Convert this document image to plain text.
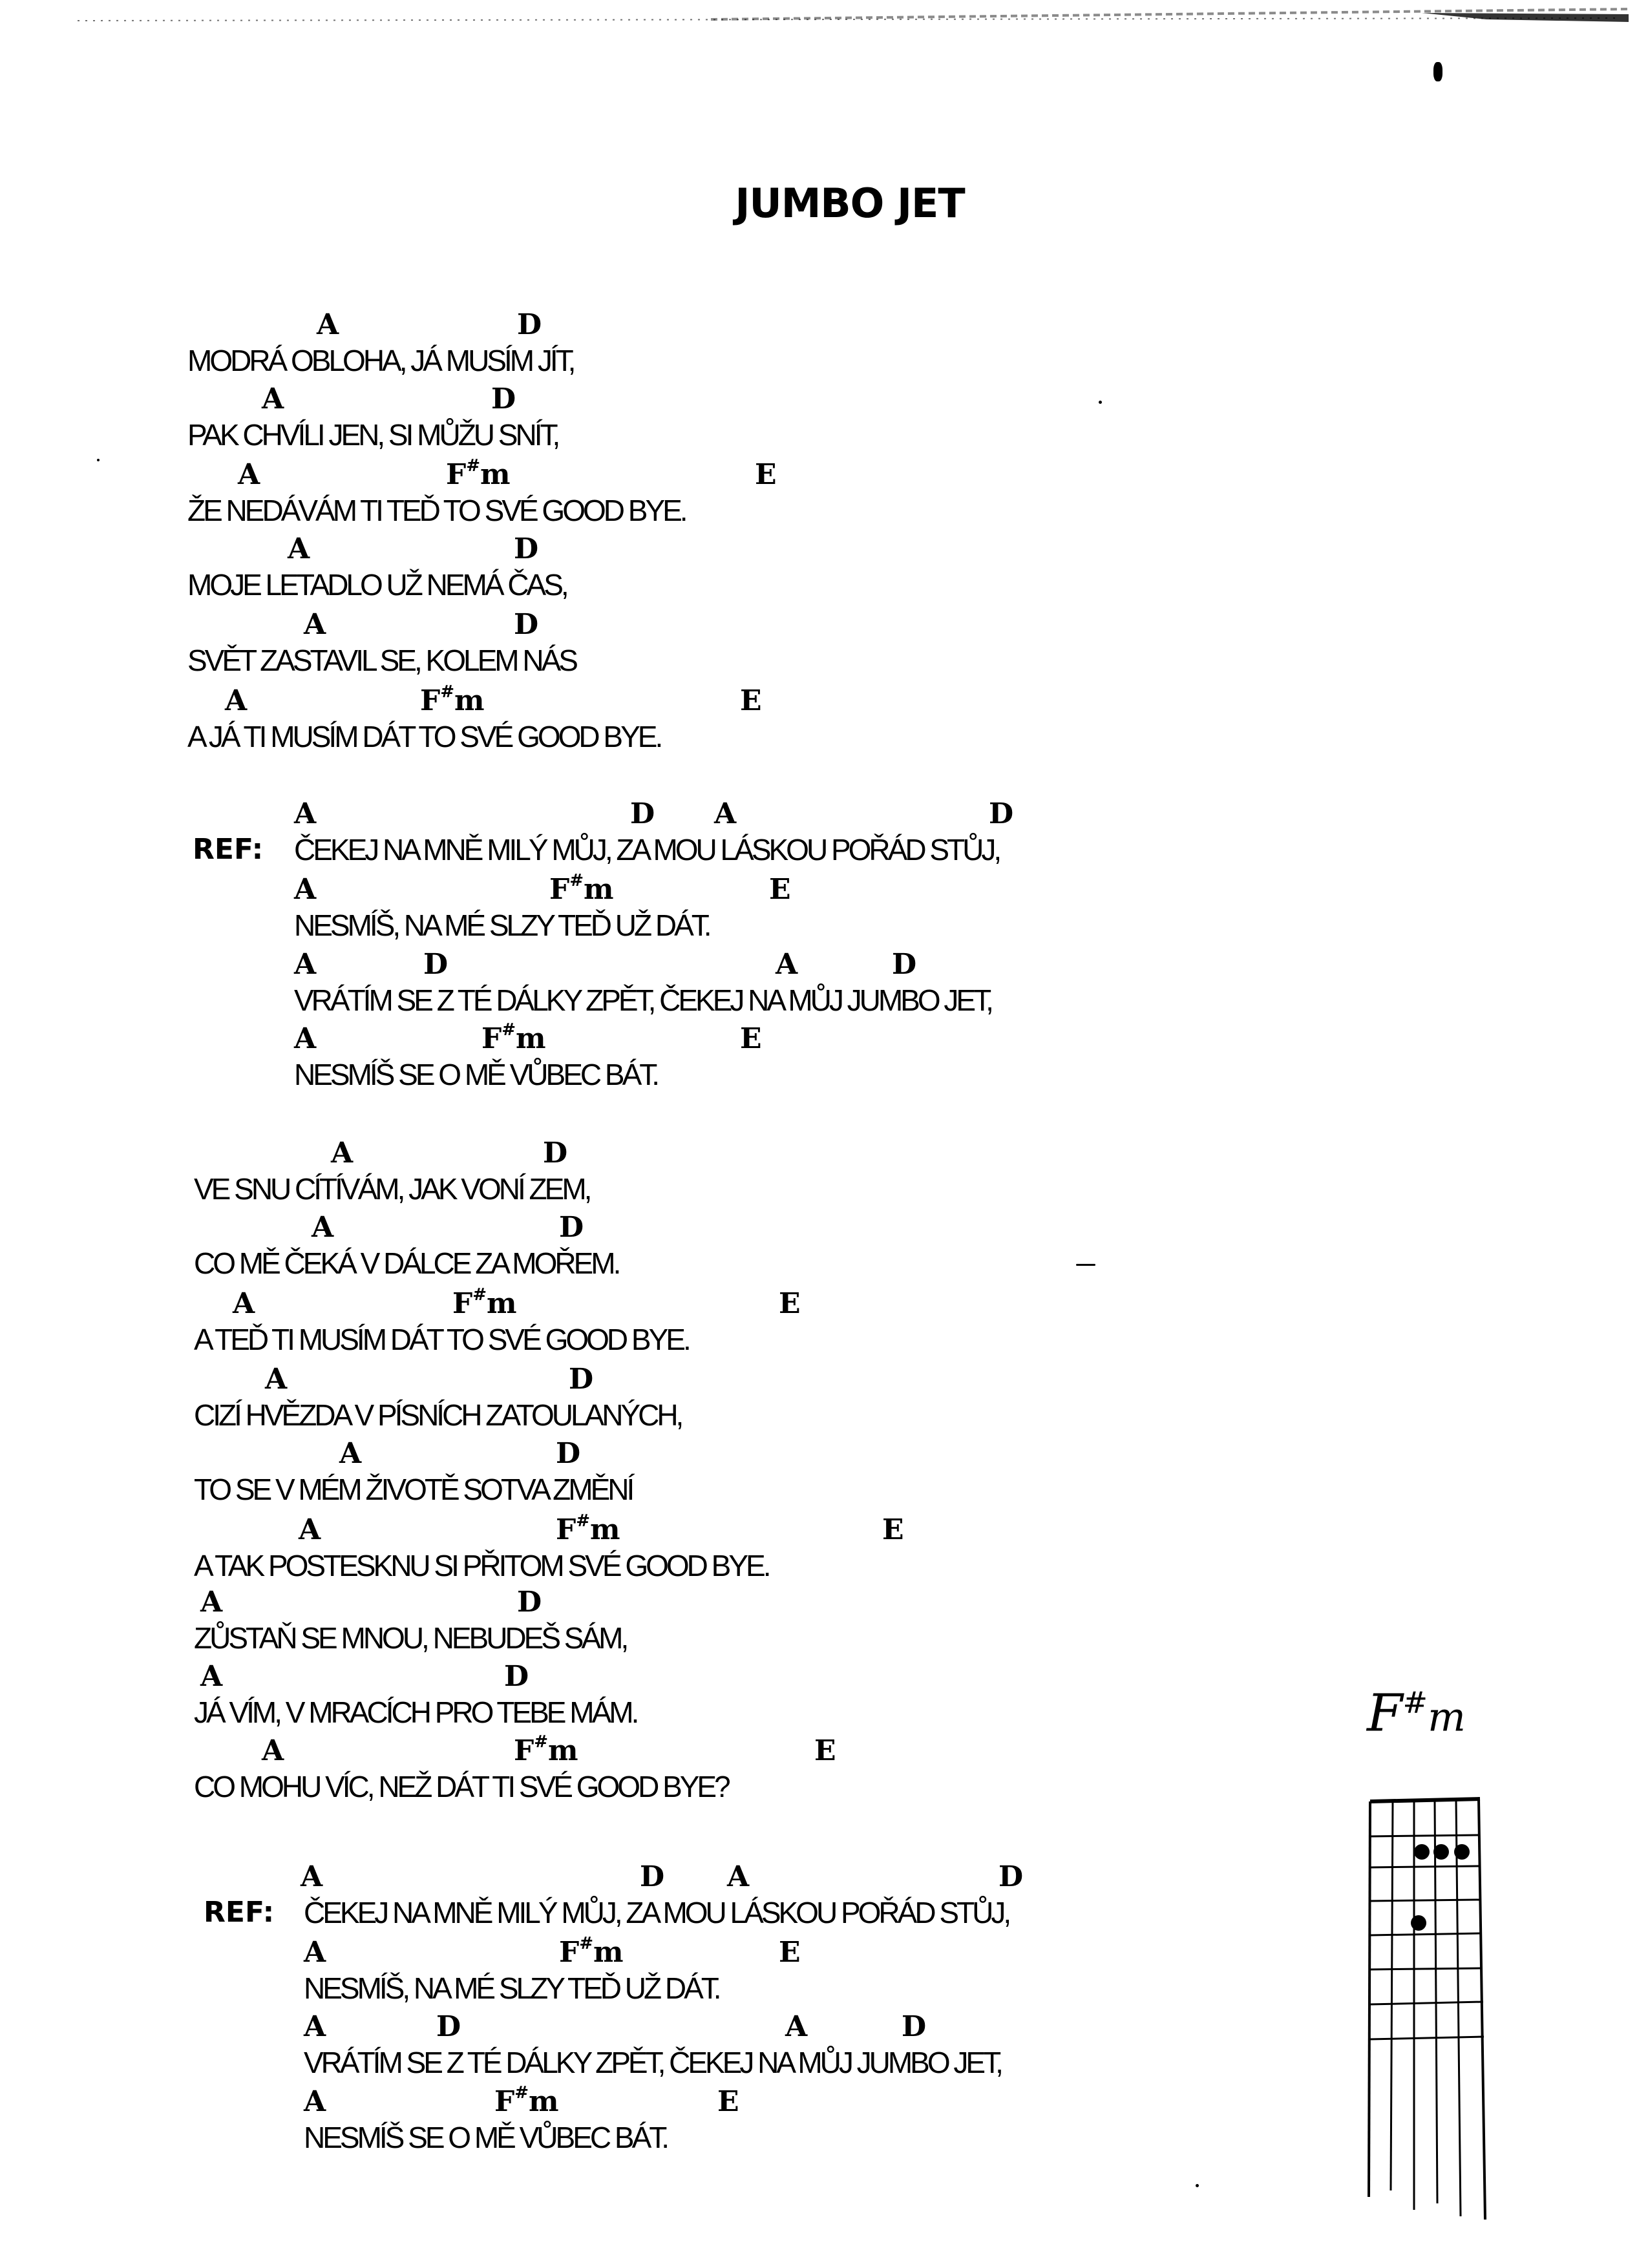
JUMBO JET
A	D
MODRÁ OBLOHA, JÁ MUSÍM JÍT,
A	D
PAK CHVÍLI JEN, SI MŮŽU SNÍT,
A	F#m	E
ŽE NEDÁVÁM TI TEĎ TO SVÉ GOOD BYE.
A	D
MOJE LETADLO UŽ NEMÁ ČAS,
A	D
SVĚT ZASTAVIL SE, KOLEM NÁS
A	F#m	E
A JÁ TI MUSÍM DÁT TO SVÉ GOOD BYE.
A	D A	D
REF: ČEKEJ NA MNĚ MILÝ MŮJ, ZA MOU LÁSKOU POŘÁD STŮJ,
A	F#m	E
NESMÍŠ, NA MÉ SLZY TEĎ UŽ DÁT.
A	D	A	D
VRÁTÍM SE Z TÉ DÁLKY ZPĚT, ČEKEJ NA MŮJ JUMBO JET,
A	F#m	E
NESMÍŠ SE O MĚ VŮBEC BÁT.
A	D
VE SNU CÍTÍVÁM, JAK VONÍ ZEM,
A	D
CO MĚ ČEKÁ V DÁLCE ZA MOŘEM.
A	F#m	E
A TEĎ TI MUSÍM DÁT TO SVÉ GOOD BYE.
A	D
CIZÍ HVĚZDA V PÍSNÍCH ZATOULANÝCH,
A	D
TO SE V MÉM ŽIVOTĚ SOTVA ZMĚNÍ
A	F#m	E
A TAK POSTESKNU SI PŘITOM SVÉ GOOD BYE.
A	D
ZŮSTAŇ SE MNOU, NEBUDEŠ SÁM,
A	D
JÁ VÍM, V MRACÍCH PRO TEBE MÁM.
A	F#m	E
CO MOHU VÍC, NEŽ DÁT TI SVÉ GOOD BYE?
A	D A	D
REF: ČEKEJ NA MNĚ MILÝ MŮJ, ZA MOU LÁSKOU POŘÁD STŮJ,
A	F#m	E
NESMÍŠ, NA MÉ SLZY TEĎ UŽ DÁT.
A	D	A	D
VRÁTÍM SE Z TÉ DÁLKY ZPĚT, ČEKEJ NA MŮJ JUMBO JET,
A	F#m	E
NESMÍŠ SE O MĚ VŮBEC BÁT.
F#m
